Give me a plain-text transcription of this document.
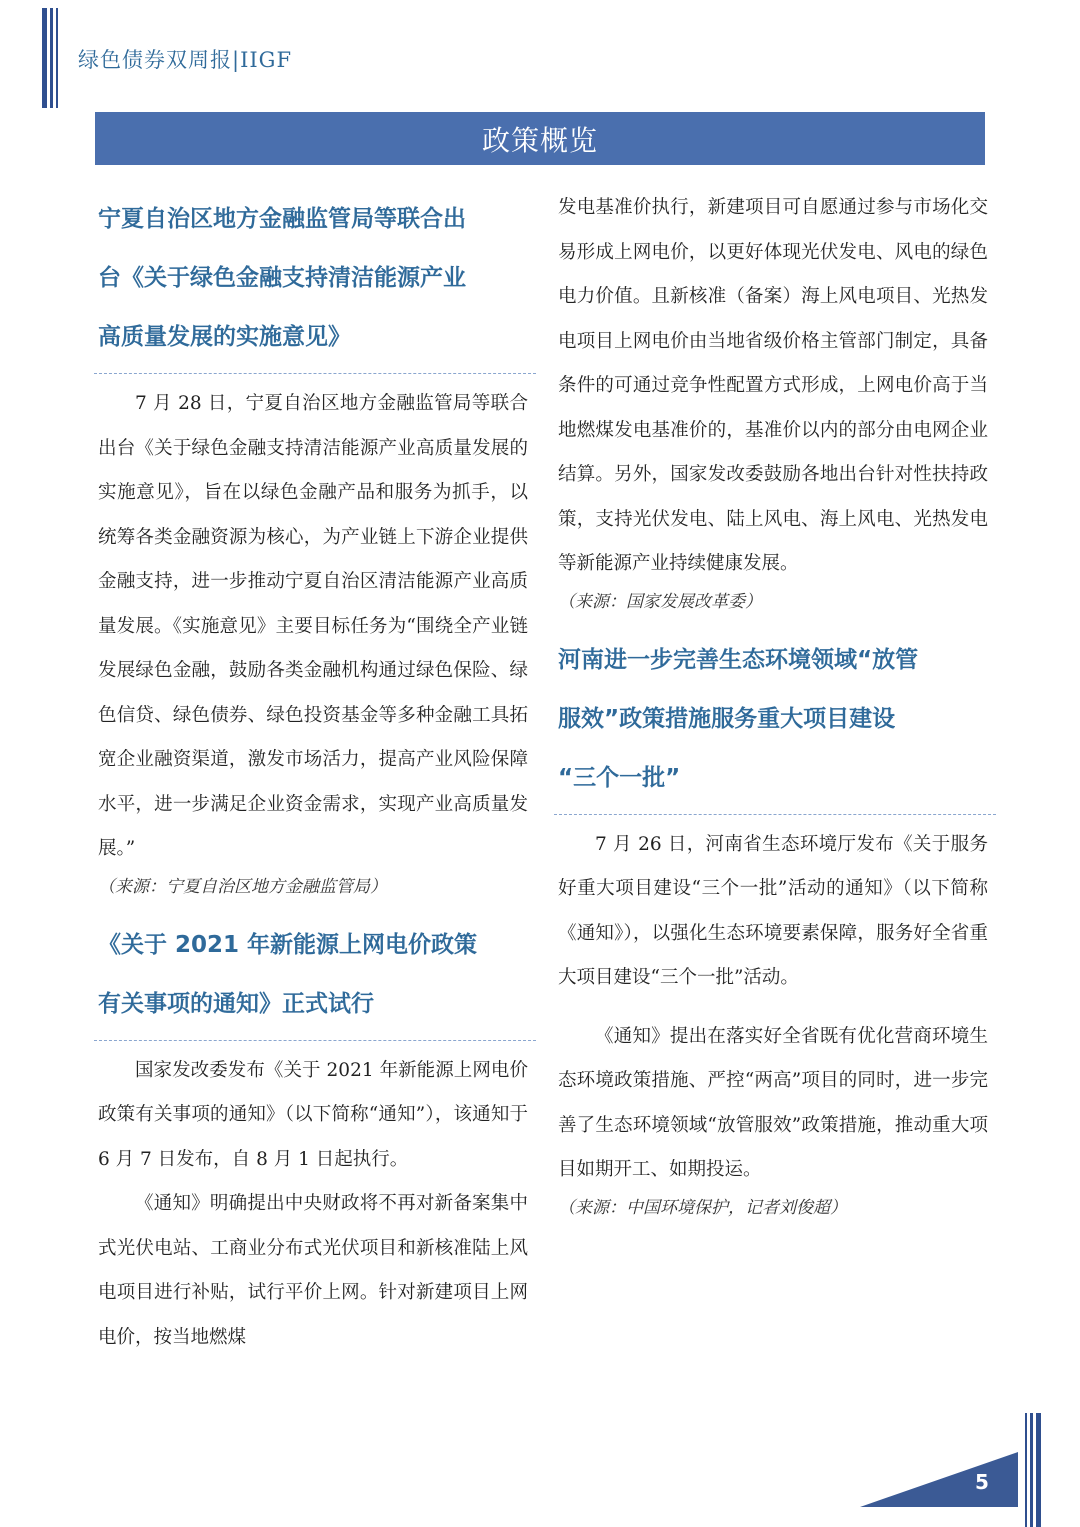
绿色债券双周报|IIGF
政策概览
宁夏自治区地方金融监管局等联合出
台《关于绿色金融支持清洁能源产业
高质量发展的实施意见》

7 月 28 日，宁夏自治区地方金融监管局等联合出台《关于绿色金融支持清洁能源产业高质量发展的实施意见》，旨在以绿色金融产品和服务为抓手，以统筹各类金融资源为核心，为产业链上下游企业提供金融支持，进一步推动宁夏自治区清洁能源产业高质量发展。《实施意见》主要目标任务为“围绕全产业链发展绿色金融，鼓励各类金融机构通过绿色保险、绿色信贷、绿色债券、绿色投资基金等多种金融工具拓宽企业融资渠道，激发市场活力，提高产业风险保障水平，进一步满足企业资金需求，实现产业高质量发展。”

（来源：宁夏自治区地方金融监管局）

《关于 2021 年新能源上网电价政策
有关事项的通知》正式试行

国家发改委发布《关于 2021 年新能源上网电价政策有关事项的通知》（以下简称“通知”），该通知于 6 月 7 日发布，自 8 月 1 日起执行。

《通知》明确提出中央财政将不再对新备案集中式光伏电站、工商业分布式光伏项目和新核准陆上风电项目进行补贴，试行平价上网。针对新建项目上网电价，按当地燃煤

发电基准价执行，新建项目可自愿通过参与市场化交易形成上网电价，以更好体现光伏发电、风电的绿色电力价值。且新核准（备案）海上风电项目、光热发电项目上网电价由当地省级价格主管部门制定，具备条件的可通过竞争性配置方式形成，上网电价高于当地燃煤发电基准价的，基准价以内的部分由电网企业结算。另外，国家发改委鼓励各地出台针对性扶持政策，支持光伏发电、陆上风电、海上风电、光热发电等新能源产业持续健康发展。

（来源：国家发展改革委）

河南进一步完善生态环境领域“放管
服效”政策措施服务重大项目建设
“三个一批”

7 月 26 日，河南省生态环境厅发布《关于服务好重大项目建设“三个一批”活动的通知》（以下简称《通知》），以强化生态环境要素保障，服务好全省重大项目建设“三个一批”活动。

《通知》提出在落实好全省既有优化营商环境生态环境政策措施、严控“两高”项目的同时，进一步完善了生态环境领域“放管服效”政策措施，推动重大项目如期开工、如期投运。

（来源：中国环境保护，记者刘俊超）

5
